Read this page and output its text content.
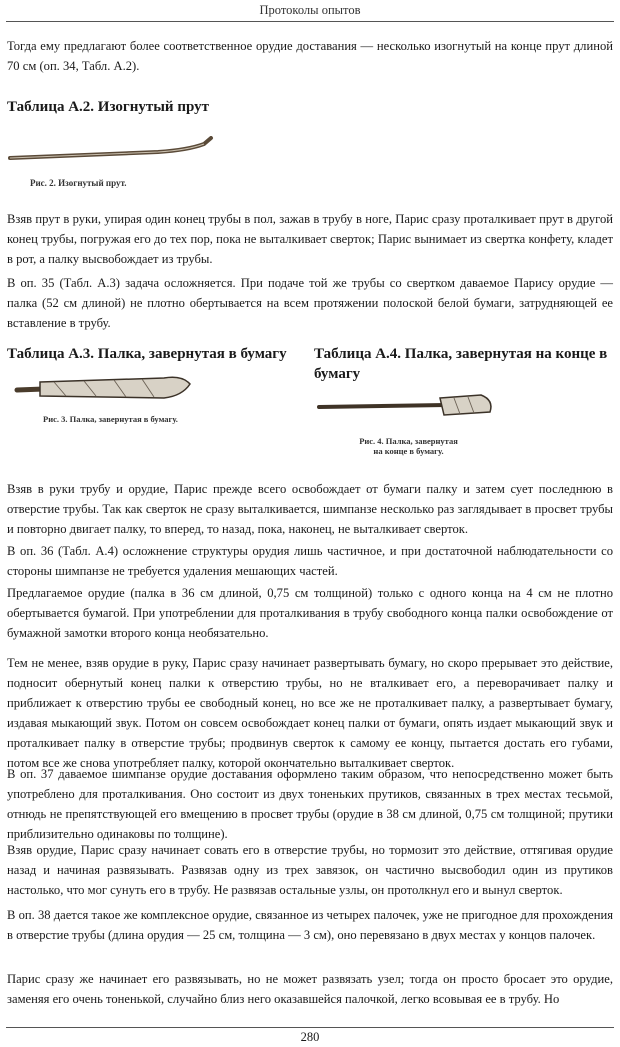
Протоколы опытов

Тогда ему предлагают более соответственное орудие доставания — несколько изогнутый на конце прут длиной 70 см (оп. 34, Табл. А.2).

Таблица А.2. Изогнутый прут

Рис. 2. Изогнутый прут.

Взяв прут в руки, упирая один конец трубы в пол, зажав в трубу в ноге, Парис сразу проталкивает прут в другой конец трубы, погружая его до тех пор, пока не выталкивает сверток; Парис вынимает из свертка конфету, кладет в рот, а палку высвобождает из трубы.

В оп. 35 (Табл. А.3) задача осложняется. При подаче той же трубы со свертком даваемое Парису орудие — палка (52 см длиной) не плотно обертывается на всем протяжении полоской белой бумаги, затрудняющей ее вставление в трубу.

Таблица А.3. Палка, завернутая в бумагу	Таблица А.4. Палка, завернутая на конце в бумагу

Рис. 3. Палка, завернутая в бумагу.

Рис. 4. Палка, завернутая

на конце в бумагу.

Взяв в руки трубу и орудие, Парис прежде всего освобождает от бумаги палку и затем сует последнюю в отверстие трубы. Так как сверток не сразу выталкивается, шимпанзе несколько раз заглядывает в просвет трубы и повторно двигает палку, то вперед, то назад, пока, наконец, не выталкивает сверток.

В оп. 36 (Табл. А.4) осложнение структуры орудия лишь частичное, и при достаточной наблюдательности со стороны шимпанзе не требуется удаления мешающих частей.

Предлагаемое орудие (палка в 36 см длиной, 0,75 см толщиной) только с одного конца на 4 см не плотно обертывается бумагой. При употреблении для проталкивания в трубу свободного конца палки освобождение от бумажной замотки второго конца необязательно.

Тем не менее, взяв орудие в руку, Парис сразу начинает развертывать бумагу, но скоро прерывает это действие, подносит обернутый конец палки к отверстию трубы, но не вталкивает его, а переворачивает палку и приближает к отверстию трубы ее свободный конец, но все же не проталкивает палку, а развертывает бумагу, издавая мыкающий звук. Потом он совсем освобождает конец палки от бумаги, опять издает мыкающий звук и проталкивает палку в отверстие трубы; продвинув сверток к самому ее концу, пытается достать его губами, потом все же снова употребляет палку, которой окончательно выталкивает сверток.

В оп. 37 даваемое шимпанзе орудие доставания оформлено таким образом, что непосредственно может быть употреблено для проталкивания. Оно состоит из двух тоненьких прутиков, связанных в трех местах тесьмой, отнюдь не препятствующей его вмещению в просвет трубы (орудие в 38 см длиной, 0,75 см толщиной; прутики приблизительно одинаковы по толщине).

Взяв орудие, Парис сразу начинает совать его в отверстие трубы, но тормозит это действие, оттягивая орудие назад и начиная развязывать. Развязав одну из трех завязок, он частично высвободил один из прутиков настолько, что мог сунуть его в трубу. Не развязав остальные узлы, он протолкнул его и вынул сверток.

В оп. 38 дается такое же комплексное орудие, связанное из четырех палочек, уже не пригодное для прохождения в отверстие трубы (длина орудия — 25 см, толщина — 3 см), оно перевязано в двух местах у концов палочек.

Парис сразу же начинает его развязывать, но не может развязать узел; тогда он просто бросает это орудие, заменяя его очень тоненькой, случайно близ него оказавшейся палочкой, легко всовывая ее в трубу. Но

280
